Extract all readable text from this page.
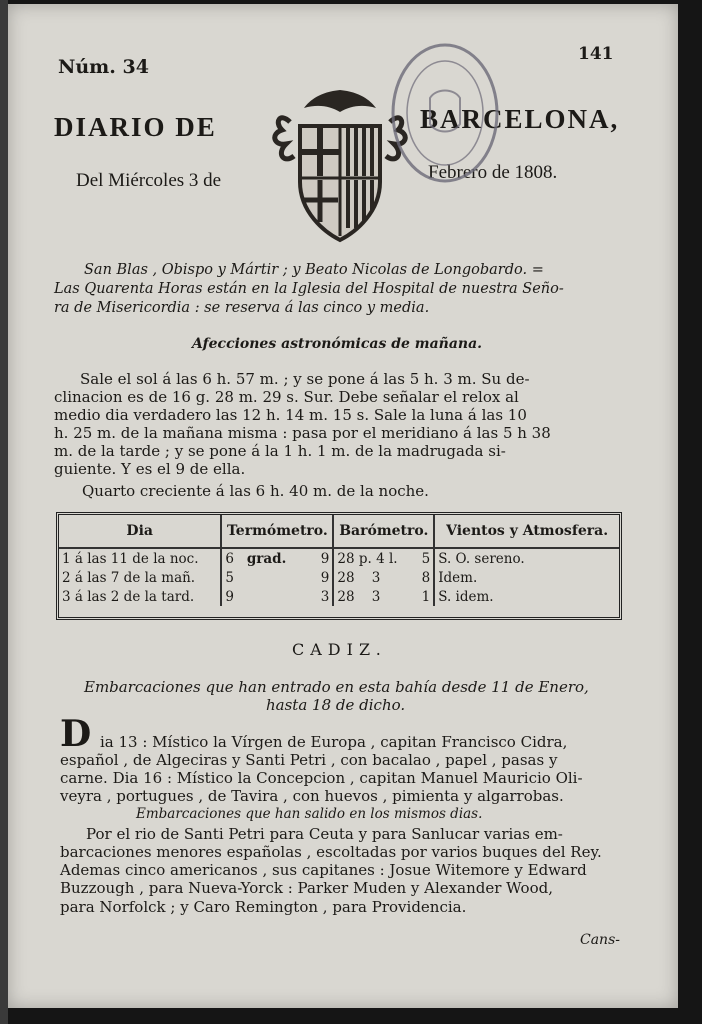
Núm. 34
141
DIARIO DE	BARCELONA,
Del Miércoles 3 de	Febrero de 1808.
San Blas , Obispo y Mártir ; y Beato Nicolas de Longobardo. =
Las Quarenta Horas están en la Iglesia del Hospital de nuestra Seño-
ra de Misericordia : se reserva á las cinco y media.
Afecciones astronómicas de mañana.
Sale el sol á las 6 h. 57 m. ; y se pone á las 5 h. 3 m. Su de-
clinacion es de 16 g. 28 m. 29 s. Sur. Debe señalar el relox al
medio dia verdadero las 12 h. 14 m. 15 s. Sale la luna á las 10
h. 25 m. de la mañana misma : pasa por el meridiano á las 5 h 38
m. de la tarde ; y se pone á la 1 h. 1 m. de la madrugada si-
guiente. Y es el 9 de ella.
Quarto creciente á las 6 h. 40 m. de la noche.
Dia	Termómetro.	Barómetro.	Vientos y Atmosfera.
1 á las 11 de la noc.	6 grad. 9	28 p. 4 l. 5	S. O. sereno.
2 á las 7 de la mañ.	5 9	28    3 8	Idem.
3 á las 2 de la tard.	9 3	28    3 1	S. idem.
CADIZ.
Embarcaciones que han entrado en esta bahía desde 11 de Enero,
hasta 18 de dicho.
D ia 13 : Místico la Vírgen de Europa , capitan Francisco Cidra,
español , de Algeciras y Santi Petri , con bacalao , papel , pasas y
carne. Dia 16 : Místico la Concepcion , capitan Manuel Mauricio Oli-
veyra , portugues , de Tavira , con huevos , pimienta y algarrobas.
Embarcaciones que han salido en los mismos dias.
Por el rio de Santi Petri para Ceuta y para Sanlucar varias em-
barcaciones menores españolas , escoltadas por varios buques del Rey.
Ademas cinco americanos , sus capitanes : Josue Witemore y Edward
Buzzough , para Nueva-Yorck : Parker Muden y Alexander Wood,
para Norfolck ; y Caro Remington , para Providencia.
Cans-
